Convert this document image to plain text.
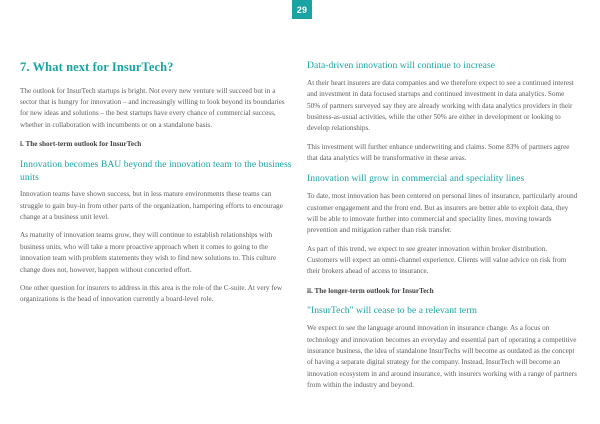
29
7. What next for InsurTech?

The outlook for InsurTech startups is bright. Not every new venture will succeed but in a sector that is hungry for innovation – and increasingly willing to look beyond its boundaries for new ideas and solutions – the best startups have every chance of commercial success, whether in collaboration with incumbents or on a standalone basis.

i. The short-term outlook for InsurTech
Innovation becomes BAU beyond the innovation team to the business units

Innovation teams have shown success, but in less mature environments these teams can struggle to gain buy-in from other parts of the organization, hampering efforts to encourage change at a business unit level.

As maturity of innovation teams grow, they will continue to establish relationships with business units, who will take a more proactive approach when it comes to going to the innovation team with problem statements they wish to find new solutions to. This culture change does not, however, happen without concerted effort.

One other question for insurers to address in this area is the role of the C-suite. At very few organizations is the head of innovation currently a board-level role.

Data-driven innovation will continue to increase

At their heart insurers are data companies and we therefore expect to see a continued interest and investment in data focused startups and continued investment in data analytics. Some 50% of partners surveyed say they are already working with data analytics providers in their business-as-usual activities, while the other 50% are either in development or looking to develop relationships.

This investment will further enhance underwriting and claims. Some 83% of partners agree that data analytics will be transformative in these areas.

Innovation will grow in commercial and speciality lines

To date, most innovation has been centered on personal lines of insurance, particularly around customer engagement and the front end. But as insurers are better able to exploit data, they will be able to innovate further into commercial and speciality lines, moving towards prevention and mitigation rather than risk transfer.

As part of this trend, we expect to see greater innovation within broker distribution. Customers will expect an omni-channel experience. Clients will value advice on risk from their brokers ahead of access to insurance.

ii. The longer-term outlook for InsurTech
"InsurTech" will cease to be a relevant term

We expect to see the language around innovation in insurance change. As a focus on technology and innovation becomes an everyday and essential part of operating a competitive insurance business, the idea of standalone InsurTechs will become as outdated as the concept of having a separate digital strategy for the company. Instead, InsurTech will become an innovation ecosystem in and around insurance, with insurers working with a range of partners from within the industry and beyond.
